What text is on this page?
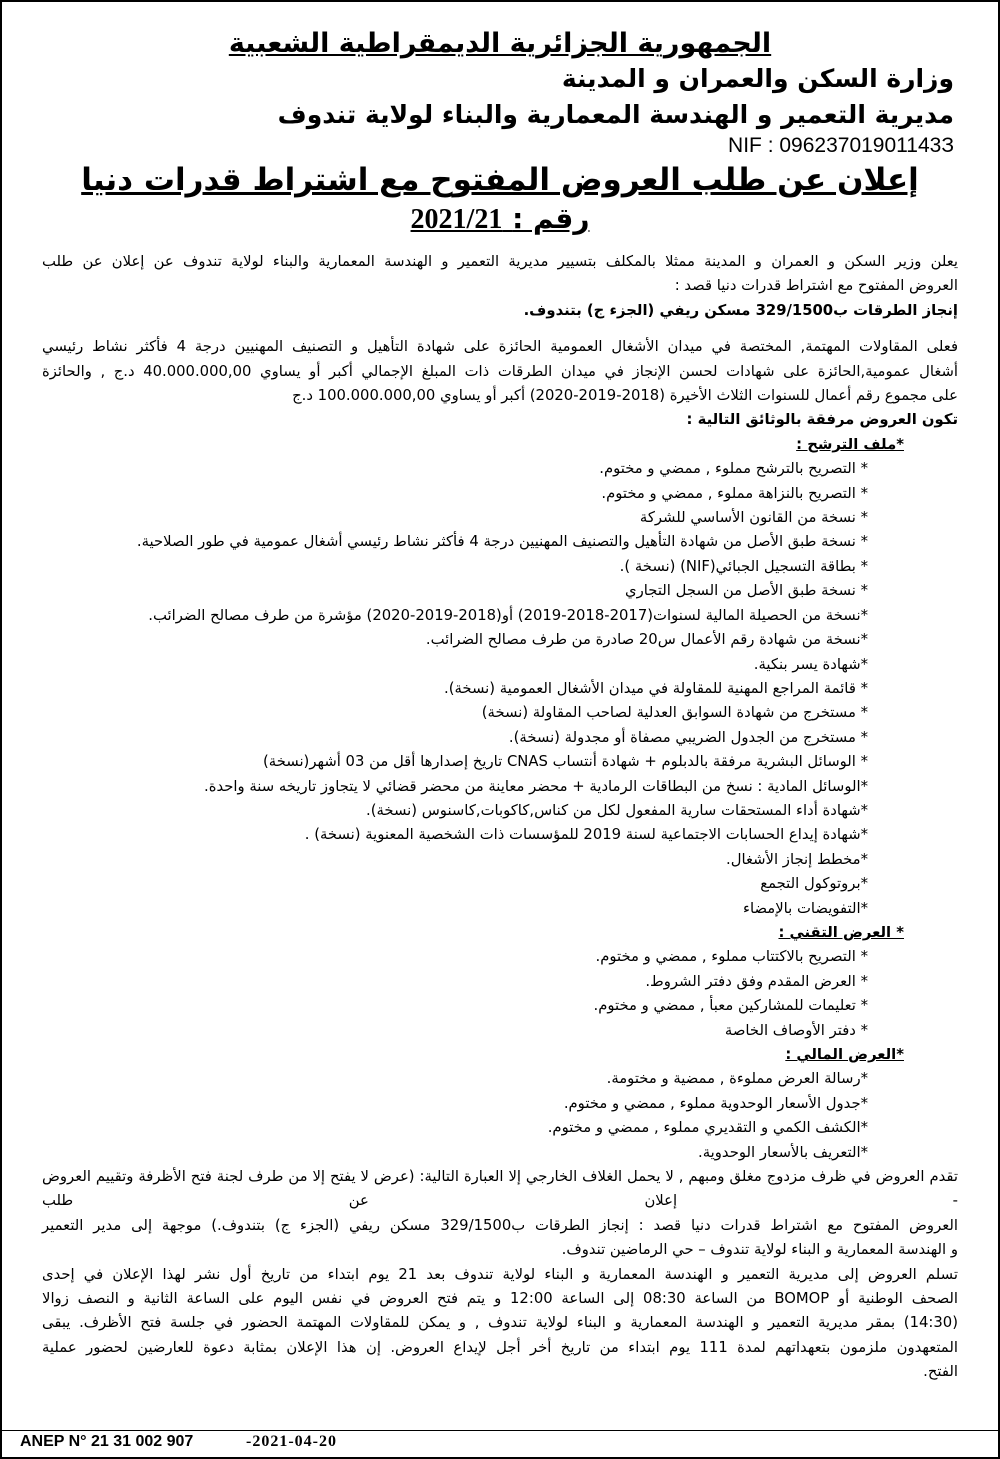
الجمهورية الجزائرية الديمقراطية الشعبية
وزارة السكن والعمران و المدينة
مديرية التعمير و الهندسة المعمارية والبناء لولاية تندوف
NIF : 09623701901143З
إعلان عن طلب العروض المفتوح مع اشتراط قدرات دنيا
رقم : 2021/21

يعلن وزير السكن و العمران و المدينة ممثلا بالمكلف بتسيير مديرية التعمير و الهندسة المعمارية والبناء لولاية تندوف عن إعلان عن طلب

العروض المفتوح مع اشتراط قدرات دنيا قصد :

إنجاز الطرقات ب329/1500 مسكن ريفي (الجزء ج) بتندوف.

فعلى المقاولات المهتمة, المختصة في ميدان الأشغال العمومية الحائزة على شهادة التأهيل و التصنيف المهنيين درجة 4 فأكثر نشاط رئيسي

أشغال عمومية,الحائزة على شهادات لحسن الإنجاز في ميدان الطرقات ذات المبلغ الإجمالي أكبر أو يساوي 40.000.000,00 د.ج , والحائزة

على مجموع رقم أعمال للسنوات الثلاث الأخيرة (2018-2019-2020) أكبر أو يساوي 100.000.000,00 د.ج

تكون العروض مرفقة بالوثائق التالية :

*ملف الترشح :
* التصريح بالترشح مملوء , ممضي و مختوم.
* التصريح بالنزاهة مملوء , ممضي و مختوم.
* نسخة من القانون الأساسي للشركة
* نسخة طبق الأصل من شهادة التأهيل والتصنيف المهنيين درجة 4 فأكثر نشاط رئيسي أشغال عمومية في طور الصلاحية.
* بطاقة التسجيل الجبائي(NIF) (نسخة ).
* نسخة طبق الأصل من السجل التجاري
*نسخة من الحصيلة المالية لسنوات(2017-2018-2019) أو(2018-2019-2020) مؤشرة من طرف مصالح الضرائب.
*نسخة من شهادة رقم الأعمال س20 صادرة من طرف مصالح الضرائب.
*شهادة يسر بنكية.
* قائمة المراجع المهنية للمقاولة في ميدان الأشغال العمومية (نسخة).
* مستخرج من شهادة السوابق العدلية لصاحب المقاولة (نسخة)
* مستخرج من الجدول الضريبي مصفاة أو مجدولة (نسخة).
* الوسائل البشرية مرفقة بالدبلوم + شهادة أنتساب CNAS تاريخ إصدارها أقل من 03 أشهر(نسخة)
*الوسائل المادية : نسخ من البطاقات الرمادية + محضر معاينة من محضر قضائي لا يتجاوز تاريخه سنة واحدة.
*شهادة أداء المستحقات سارية المفعول لكل من كناس,كاكوبات,كاسنوس (نسخة).
*شهادة إيداع الحسابات الاجتماعية لسنة 2019 للمؤسسات ذات الشخصية المعنوية (نسخة) .
*مخطط إنجاز الأشغال.
*بروتوكول التجمع
*التفويضات بالإمضاء
* العرض التقني :
* التصريح بالاكتتاب مملوء , ممضي و مختوم.
* العرض المقدم وفق دفتر الشروط.
* تعليمات للمشاركين معبأ , ممضي و مختوم.
* دفتر الأوصاف الخاصة
*العرض المالي :
*رسالة العرض مملوءة , ممضية و مختومة.
*جدول الأسعار الوحدوية مملوء , ممضي و مختوم.
*الكشف الكمي و التقديري مملوء , ممضي و مختوم.
*التعريف بالأسعار الوحدوية.

تقدم العروض في ظرف مزدوج مغلق ومبهم , لا يحمل الغلاف الخارجي إلا العبارة التالية: (عرض لا يفتح إلا من طرف لجنة فتح الأظرفة وتقييم العروض - إعلان عن طلب

العروض المفتوح مع اشتراط قدرات دنيا قصد : إنجاز الطرقات ب329/1500 مسكن ريفي (الجزء ج) بتندوف.) موجهة إلى مدير التعمير

و الهندسة المعمارية و البناء لولاية تندوف – حي الرماضين تندوف.

تسلم العروض إلى مديرية التعمير و الهندسة المعمارية و البناء لولاية تندوف بعد 21 يوم ابتداء من تاريخ أول نشر لهذا الإعلان في إحدى

الصحف الوطنية أو BOMOP من الساعة 08:30 إلى الساعة 12:00 و يتم فتح العروض في نفس اليوم على الساعة الثانية و النصف زوالا

(14:30) بمقر مديرية التعمير و الهندسة المعمارية و البناء لولاية تندوف , و يمكن للمقاولات المهتمة الحضور في جلسة فتح الأظرف. يبقى

المتعهدون ملزمون بتعهداتهم لمدة 111 يوم ابتداء من تاريخ أخر أجل لإيداع العروض. إن هذا الإعلان بمثابة دعوة للعارضين لحضور عملية

الفتح.

ANEP N° 21 31 002 907	-2021-04-20
